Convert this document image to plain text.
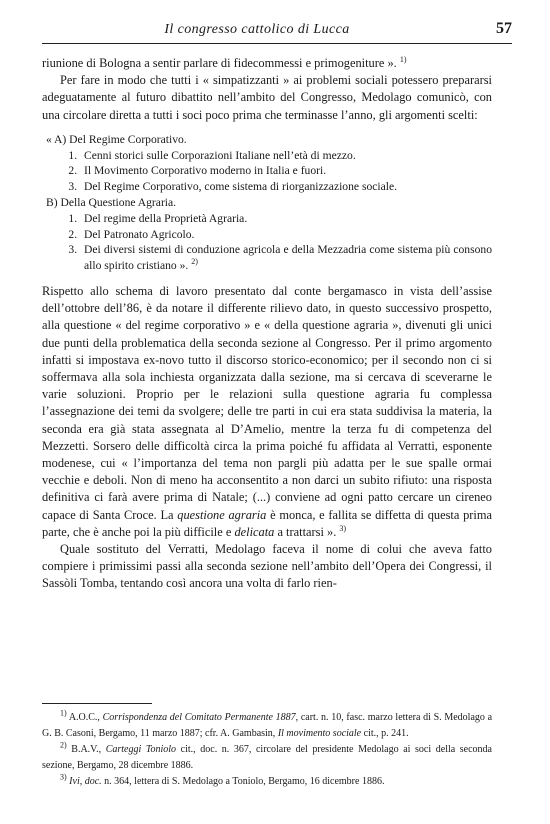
Il congresso cattolico di Lucca	57

riunione di Bologna a sentir parlare di fidecommessi e primogeniture ». $^{1)}$

Per fare in modo che tutti i « simpatizzanti » ai problemi sociali potessero prepararsi adeguatamente al futuro dibattito nell’ambito del Congresso, Medolago comunicò, con una circolare diretta a tutti i soci poco prima che terminasse l’anno, gli argomenti scelti:

« A) Del Regime Corporativo.
1. Cenni storici sulle Corporazioni Italiane nell’età di mezzo.
2. Il Movimento Corporativo moderno in Italia e fuori.
3. Del Regime Corporativo, come sistema di riorganizzazione sociale.
B) Della Questione Agraria.
1. Del regime della Proprietà Agraria.
2. Del Patronato Agricolo.
3. Dei diversi sistemi di conduzione agricola e della Mezzadria come sistema più consono allo spirito cristiano ». $^{2)}$

Rispetto allo schema di lavoro presentato dal conte bergamasco in vista dell’assise dell’ottobre dell’86, è da notare il differente rilievo dato, in questo successivo prospetto, alla questione « del regime corporativo » e « della questione agraria », divenuti gli unici due punti della problematica della seconda sezione al Congresso. Per il primo argomento infatti si impostava ex-novo tutto il discorso storico-economico; per il secondo non ci si soffermava alla sola inchiesta organizzata dalla sezione, ma si cercava di sceverarne le varie soluzioni. Proprio per le relazioni sulla questione agraria fu complessa l’assegnazione dei temi da svolgere; delle tre parti in cui era stata suddivisa la materia, la seconda era già stata assegnata al D’Amelio, mentre la terza fu di competenza del Mezzetti. Sorsero delle difficoltà circa la prima poiché fu affidata al Verratti, esponente modenese, cui « l’importanza del tema non pargli più adatta per le sue spalle ormai vecchie e deboli. Non di meno ha acconsentito a non darci un subito rifiuto: una risposta definitiva ci farà avere prima di Natale; (...) conviene ad ogni patto cercare un cireneo capace di Santa Croce. La questione agraria è monca, e fallita se diffetta di questa prima parte, che è anche poi la più difficile e delicata a trattarsi ». $^{3)}$

Quale sostituto del Verratti, Medolago faceva il nome di colui che aveva fatto compiere i primissimi passi alla seconda sezione nell’ambito dell’Opera dei Congressi, il Sassòli Tomba, tentando così ancora una volta di farlo rien-

$^{1)}$ A.O.C., Corrispondenza del Comitato Permanente 1887, cart. n. 10, fasc. marzo lettera di S. Medolago a G. B. Casoni, Bergamo, 11 marzo 1887; cfr. A. Gambasin, Il movimento sociale cit., p. 241.

$^{2)}$ B.A.V., Carteggi Toniolo cit., doc. n. 367, circolare del presidente Medolago ai soci della seconda sezione, Bergamo, 28 dicembre 1886.

$^{3)}$ Ivi, doc. n. 364, lettera di S. Medolago a Toniolo, Bergamo, 16 dicembre 1886.
